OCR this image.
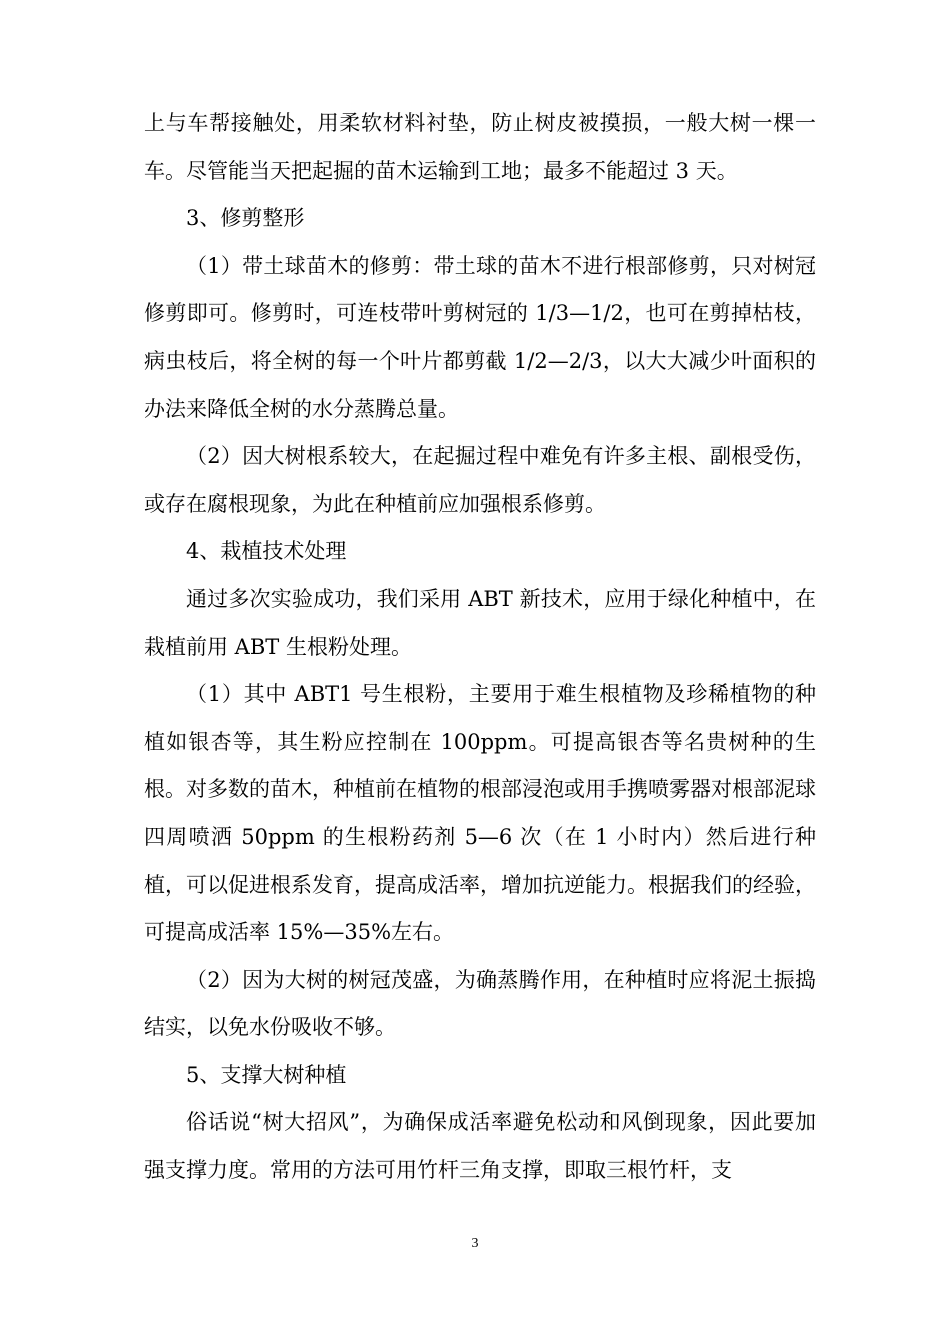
上与车帮接触处，用柔软材料衬垫，防止树皮被摸损，一般大树一棵一车。尽管能当天把起掘的苗木运输到工地；最多不能超过 3 天。

3、修剪整形

（1）带土球苗木的修剪：带土球的苗木不进行根部修剪，只对树冠修剪即可。修剪时，可连枝带叶剪树冠的 1/3—1/2，也可在剪掉枯枝，病虫枝后，将全树的每一个叶片都剪截 1/2—2/3，以大大减少叶面积的办法来降低全树的水分蒸腾总量。

（2）因大树根系较大，在起掘过程中难免有许多主根、副根受伤，或存在腐根现象，为此在种植前应加强根系修剪。

4、栽植技术处理

通过多次实验成功，我们采用 ABT 新技术，应用于绿化种植中，在栽植前用 ABT 生根粉处理。

（1）其中 ABT1 号生根粉，主要用于难生根植物及珍稀植物的种植如银杏等，其生粉应控制在 100ppm。可提高银杏等名贵树种的生根。对多数的苗木，种植前在植物的根部浸泡或用手携喷雾器对根部泥球四周喷洒 50ppm 的生根粉药剂 5—6 次（在 1 小时内）然后进行种植，可以促进根系发育，提高成活率，增加抗逆能力。根据我们的经验，可提高成活率 15%—35%左右。

（2）因为大树的树冠茂盛，为确蒸腾作用，在种植时应将泥土振捣结实，以免水份吸收不够。

5、支撑大树种植

俗话说“树大招风”，为确保成活率避免松动和风倒现象，因此要加强支撑力度。常用的方法可用竹杆三角支撑，即取三根竹杆，支

3
